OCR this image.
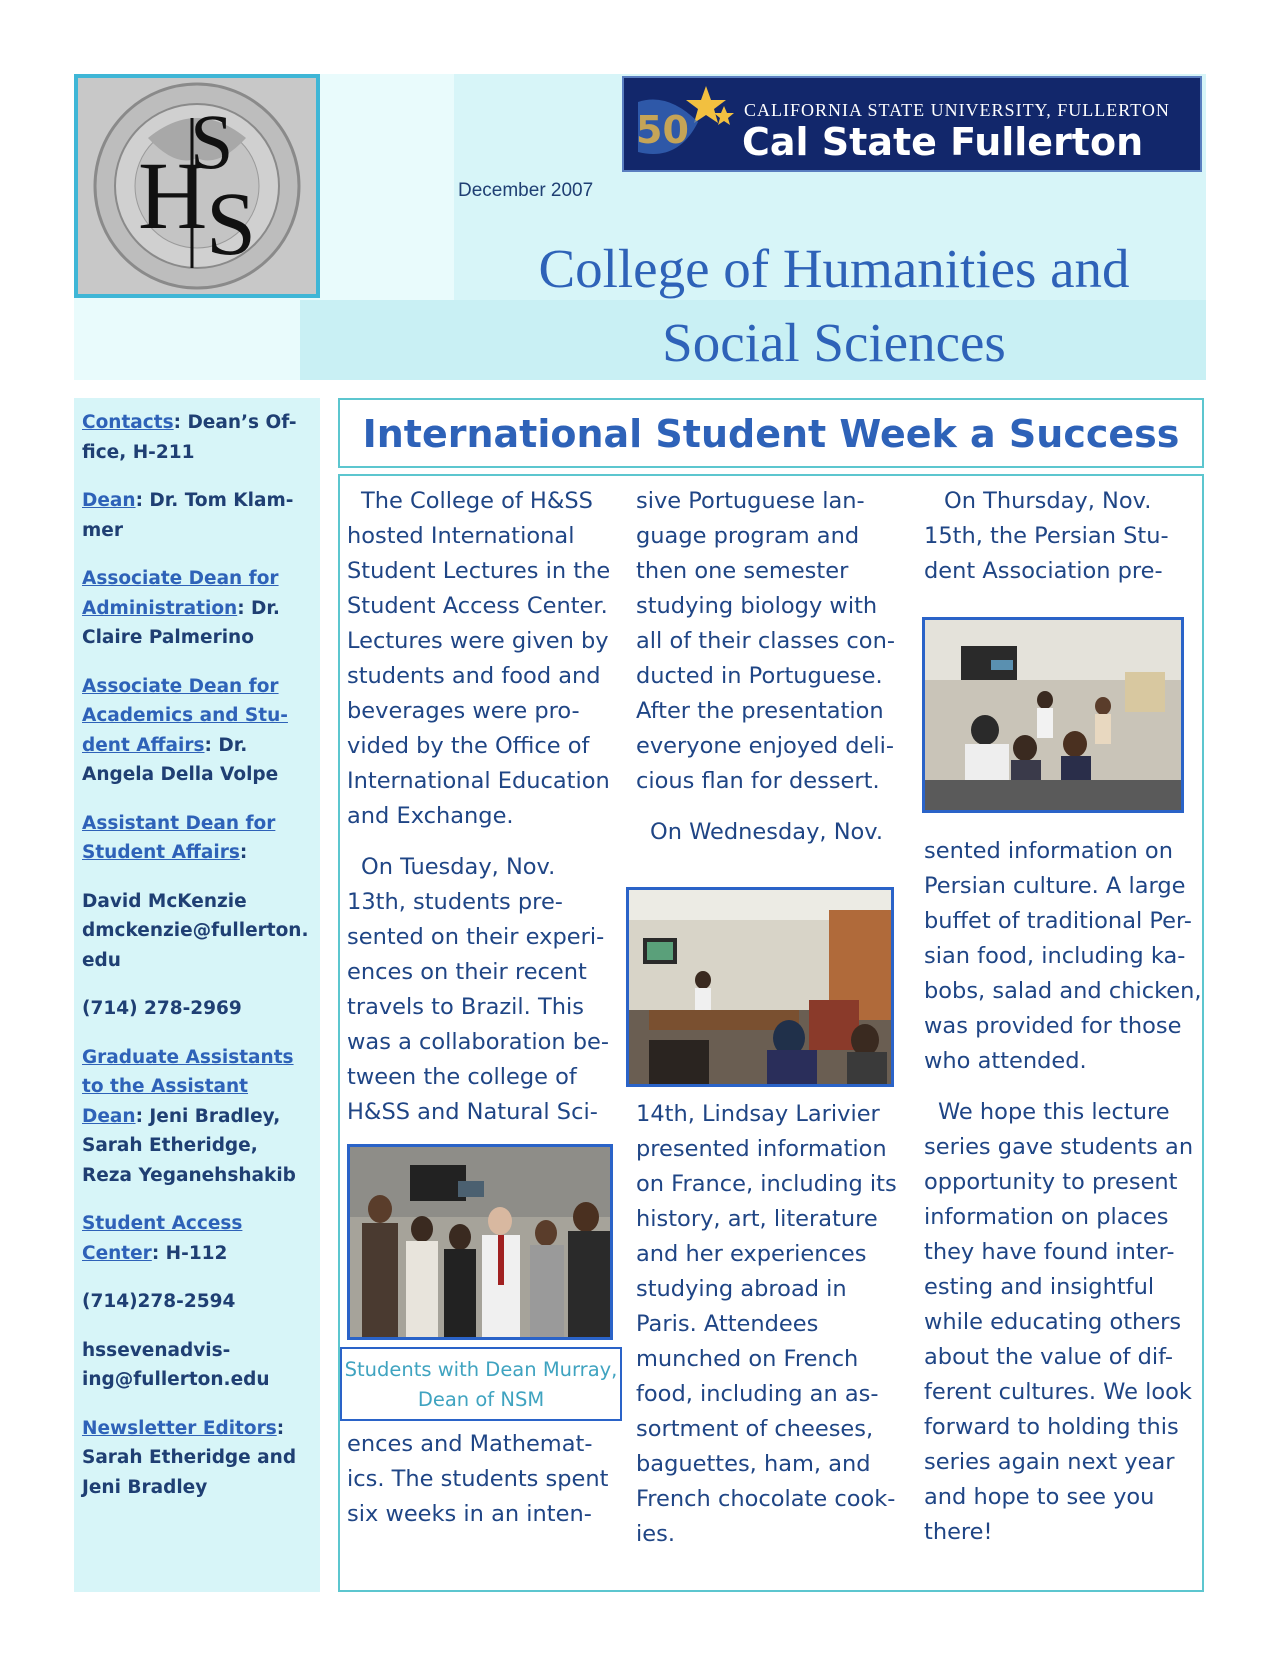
H
S
S
50	CALIFORNIA STATE UNIVERSITY, FULLERTON
Cal State Fullerton
December 2007
College of Humanities and
Social Sciences

Contacts: Dean’s Of-fice, H-211

Dean: Dr. Tom Klam-mer

Associate Dean for Administration: Dr. Claire Palmerino

Associate Dean for Academics and Stu-dent Affairs: Dr. Angela Della Volpe

Assistant Dean for Student Affairs:

David McKenzie
dmckenzie@fullerton. edu

(714) 278-2969

Graduate Assistants to the Assistant Dean: Jeni Bradley, Sarah Etheridge, Reza Yeganehshakib

Student Access Center: H-112

(714)278-2594

hssevenadvis-ing@fullerton.edu

Newsletter Editors: Sarah Etheridge and Jeni Bradley

International Student Week a Success

The College of H&SS hosted International Student Lectures in the Student Access Center. Lectures were given by students and food and beverages were pro-vided by the Office of International Education and Exchange.

On Tuesday, Nov. 13th, students pre-sented on their experi-ences on their recent travels to Brazil. This was a collaboration be-tween the college of H&SS and Natural Sci-

Students with Dean Murray, Dean of NSM

ences and Mathemat-ics. The students spent six weeks in an inten-

sive Portuguese lan-guage program and then one semester studying biology with all of their classes con-ducted in Portuguese. After the presentation everyone enjoyed deli-cious flan for dessert.

On Wednesday, Nov.

14th, Lindsay Larivier presented information on France, including its history, art, literature and her experiences studying abroad in Paris. Attendees munched on French food, including an as-sortment of cheeses, baguettes, ham, and French chocolate cook-ies.

On Thursday, Nov. 15th, the Persian Stu-dent Association pre-

sented information on Persian culture. A large buffet of traditional Per-sian food, including ka-bobs, salad and chicken, was provided for those who attended.

We hope this lecture series gave students an opportunity to present information on places they have found inter-esting and insightful while educating others about the value of dif-ferent cultures. We look forward to holding this series again next year and hope to see you there!
